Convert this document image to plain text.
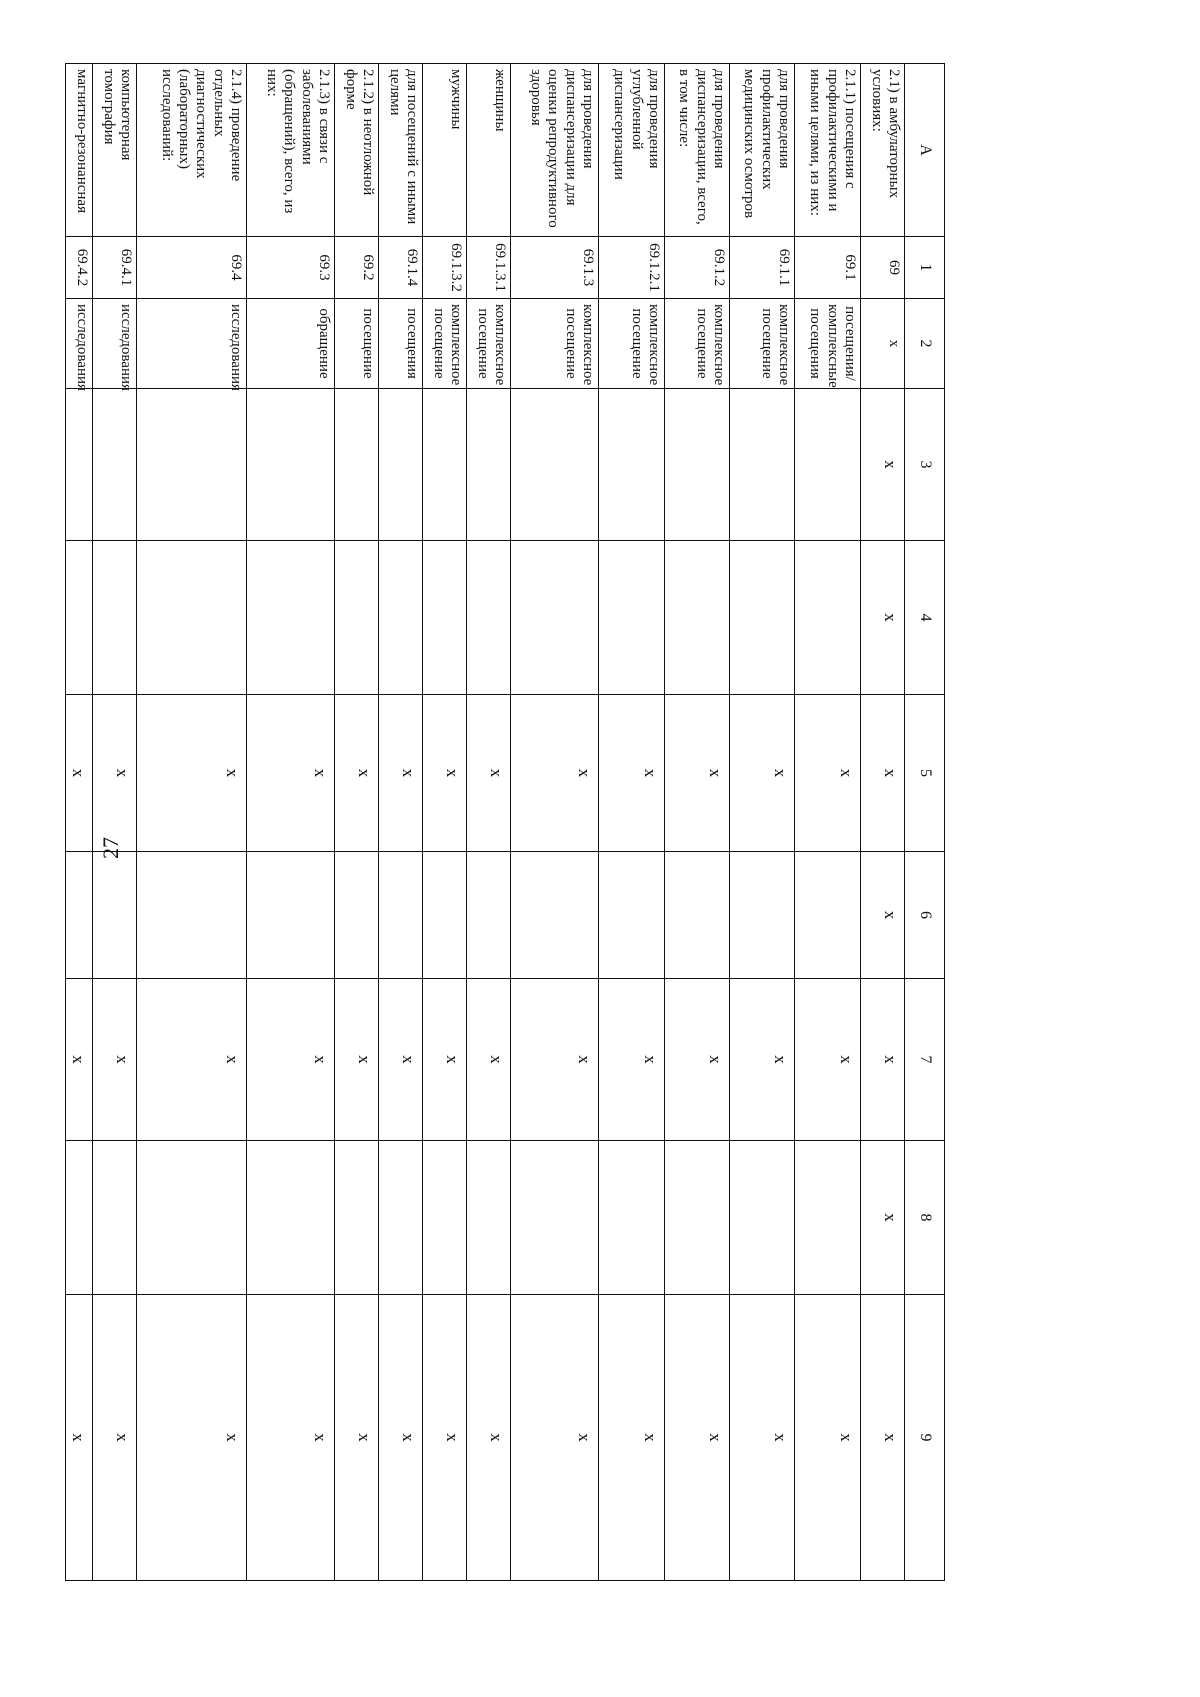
27
А	1	2	3	4	5	6	7	8	9
2.1) в амбулаторных условиях:	69	х	х	х	х	х	х	х	х
2.1.1) посещения с профилактическими и иными целями, из них:	69.1	посещения/ комплексные посещения			х		х		х
для проведения профилактических медицинских осмотров	69.1.1	комплексное посещение			х		х		х
для проведения диспансеризации, всего, в том числе:	69.1.2	комплексное посещение			х		х		х
для проведения углубленной диспансеризации	69.1.2.1	комплексное посещение			х		х		х
для проведения диспансеризации для оценки репродуктивного здоровья	69.1.3	комплексное посещение			х		х		х
женщины	69.1.3.1	комплексное посещение			х		х		х
мужчины	69.1.3.2	комплексное посещение			х		х		х
для посещений с иными целями	69.1.4	посещения			х		х		х
2.1.2) в неотложной форме	69.2	посещение			х		х		х
2.1.3) в связи с заболеваниями (обращений), всего, из них:	69.3	обращение			х		х		х
2.1.4) проведение отдельных диагностических (лабораторных) исследований:	69.4	исследования			х		х		х
компьютерная томография	69.4.1	исследования			х		х		х
магнитно-резонансная	69.4.2	исследования			х		х		х
